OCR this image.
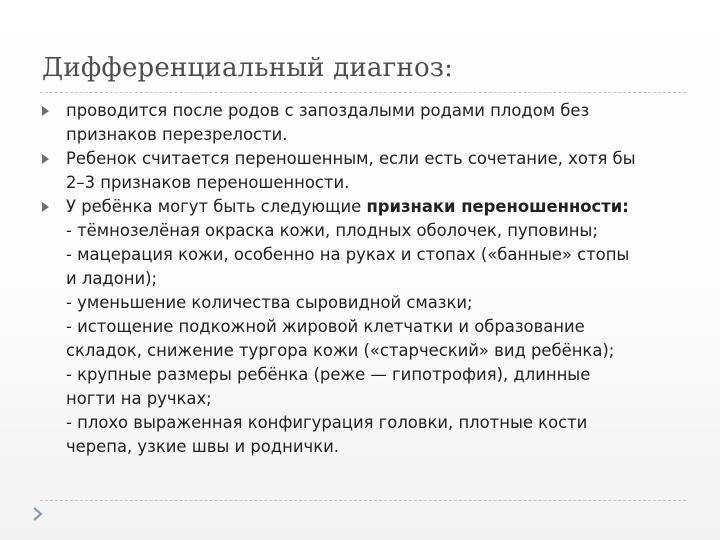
Дифференциальный диагноз:
проводится после родов с запоздалыми родами плодом без
признаков перезрелости.
Ребенок считается переношенным, если есть сочетание, хотя бы
2–3 признаков переношенности.
У ребёнка могут быть следующие признаки переношенности:
- тёмнозелёная окраска кожи, плодных оболочек, пуповины;
- мацерация кожи, особенно на руках и стопах («банные» стопы
и ладони);
- уменьшение количества сыровидной смазки;
- истощение подкожной жировой клетчатки и образование
складок, снижение тургора кожи («старческий» вид ребёнка);
- крупные размеры ребёнка (реже — гипотрофия), длинные
ногти на ручках;
- плохо выраженная конфигурация головки, плотные кости
черепа, узкие швы и роднички.
